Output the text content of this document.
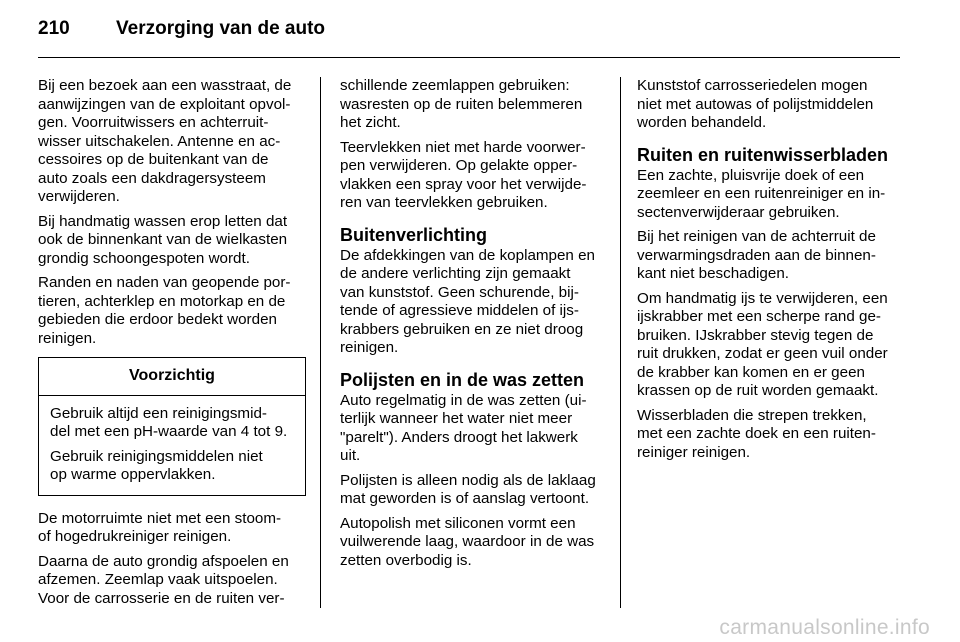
210	Verzorging van de auto

Bij een bezoek aan een wasstraat, de
aanwijzingen van de exploitant opvol-
gen. Voorruitwissers en achterruit-
wisser uitschakelen. Antenne en ac-
cessoires op de buitenkant van de
auto zoals een dakdragersysteem
verwijderen.

Bij handmatig wassen erop letten dat
ook de binnenkant van de wielkasten
grondig schoongespoten wordt.

Randen en naden van geopende por-
tieren, achterklep en motorkap en de
gebieden die erdoor bedekt worden
reinigen.

Voorzichtig

Gebruik altijd een reinigingsmid-
del met een pH-waarde van 4 tot 9.

Gebruik reinigingsmiddelen niet
op warme oppervlakken.

De motorruimte niet met een stoom-
of hogedrukreiniger reinigen.

Daarna de auto grondig afspoelen en
afzemen. Zeemlap vaak uitspoelen.
Voor de carrosserie en de ruiten ver-

schillende zeemlappen gebruiken:
wasresten op de ruiten belemmeren
het zicht.

Teervlekken niet met harde voorwer-
pen verwijderen. Op gelakte opper-
vlakken een spray voor het verwijde-
ren van teervlekken gebruiken.

Buitenverlichting

De afdekkingen van de koplampen en
de andere verlichting zijn gemaakt
van kunststof. Geen schurende, bij-
tende of agressieve middelen of ijs-
krabbers gebruiken en ze niet droog
reinigen.

Polijsten en in de was zetten

Auto regelmatig in de was zetten (ui-
terlijk wanneer het water niet meer
"parelt"). Anders droogt het lakwerk
uit.

Polijsten is alleen nodig als de laklaag
mat geworden is of aanslag vertoont.

Autopolish met siliconen vormt een
vuilwerende laag, waardoor in de was
zetten overbodig is.

Kunststof carrosseriedelen mogen
niet met autowas of polijstmiddelen
worden behandeld.

Ruiten en ruitenwisserbladen

Een zachte, pluisvrije doek of een
zeemleer en een ruitenreiniger en in-
sectenverwijderaar gebruiken.

Bij het reinigen van de achterruit de
verwarmingsdraden aan de binnen-
kant niet beschadigen.

Om handmatig ijs te verwijderen, een
ijskrabber met een scherpe rand ge-
bruiken. IJskrabber stevig tegen de
ruit drukken, zodat er geen vuil onder
de krabber kan komen en er geen
krassen op de ruit worden gemaakt.

Wisserbladen die strepen trekken,
met een zachte doek en een ruiten-
reiniger reinigen.

carmanualsonline.info
